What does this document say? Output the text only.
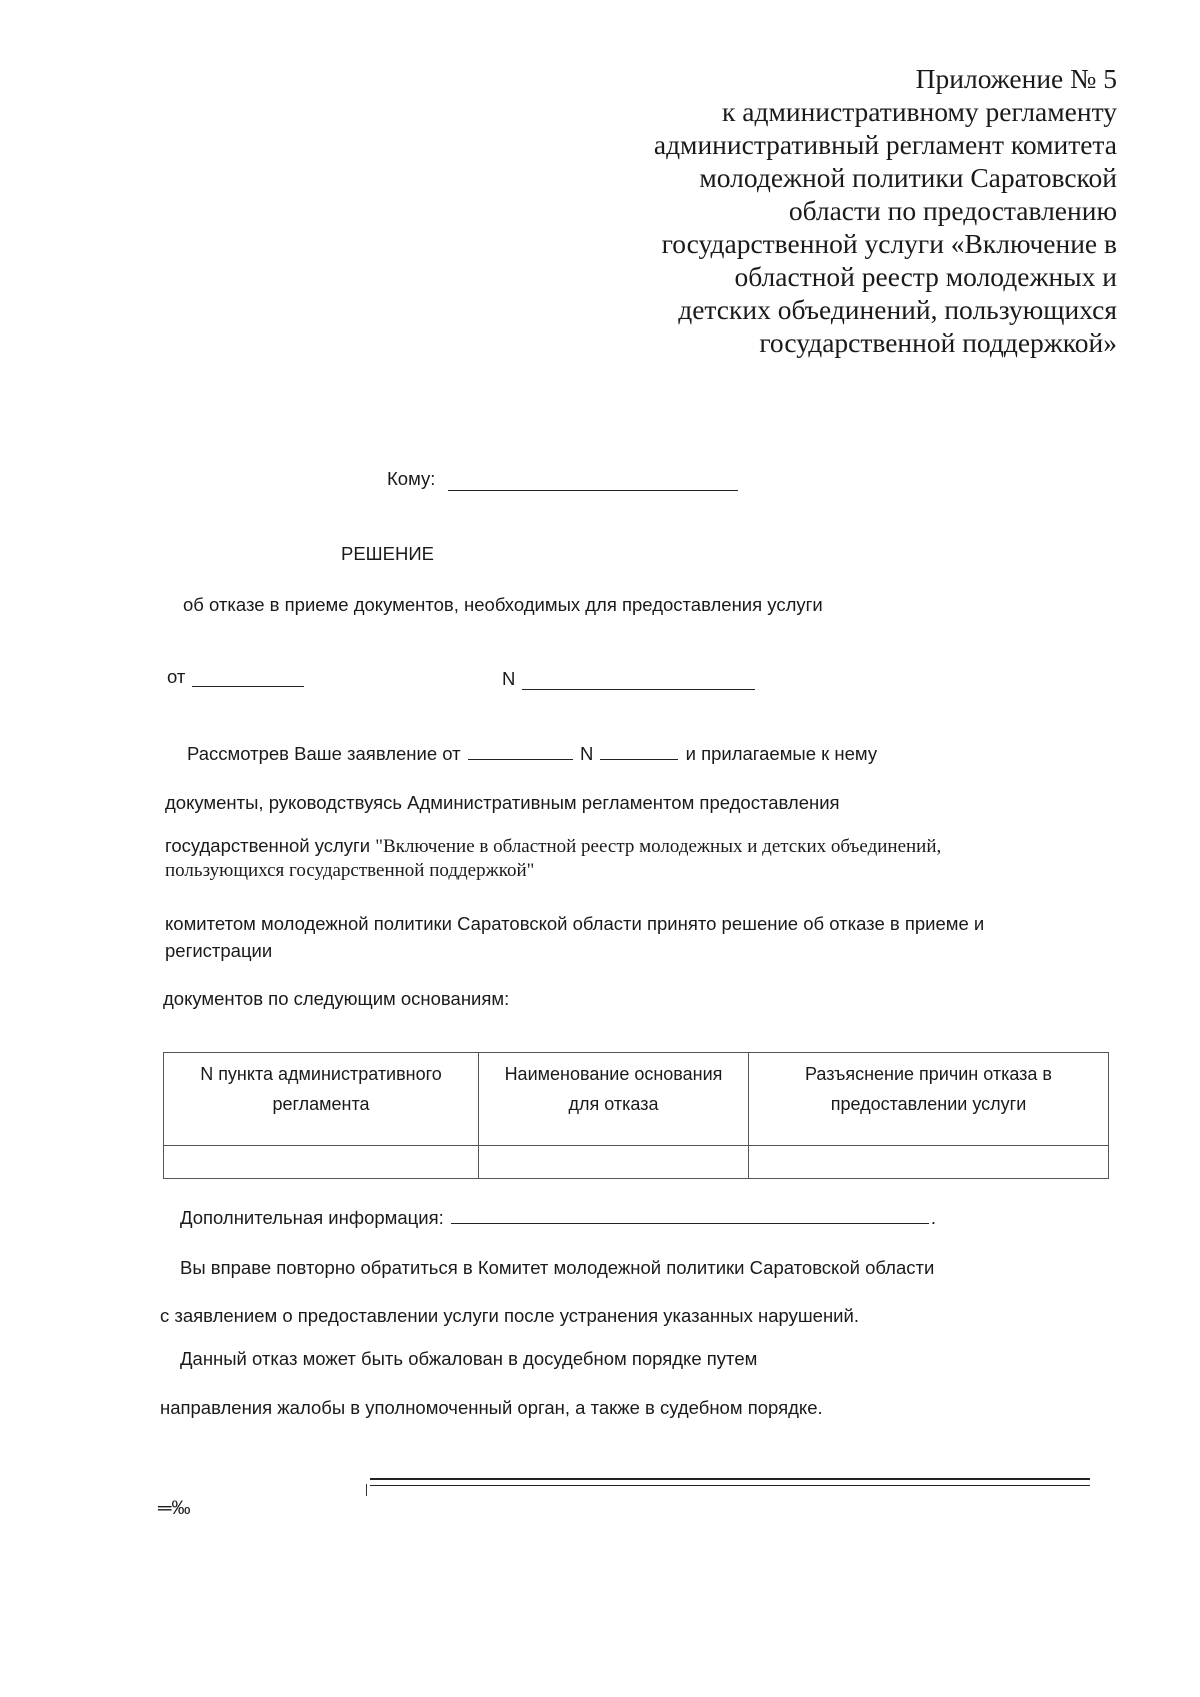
Приложение № 5
к административному регламенту
административный регламент комитета
молодежной политики Саратовской
области по предоставлению
государственной услуги «Включение в
областной реестр молодежных и
детских объединений, пользующихся
государственной поддержкой»
Кому:
РЕШЕНИЕ
об отказе в приеме документов, необходимых для предоставления услуги
от	N
Рассмотрев Ваше заявление от	N	и прилагаемые к нему
документы, руководствуясь Административным регламентом предоставления
государственной услуги "Включение в областной реестр молодежных и детских объединений,
пользующихся государственной поддержкой"
комитетом молодежной политики Саратовской области принято решение об отказе в приеме и
регистрации
документов по следующим основаниям:
N пункта административного регламента	Наименование основания для отказа	Разъяснение причин отказа в предоставлении услуги

Дополнительная информация:	.
Вы вправе повторно обратиться в Комитет молодежной политики Саратовской области
с заявлением о предоставлении услуги после устранения указанных нарушений.
Данный отказ может быть обжалован в досудебном порядке путем
направления жалобы в уполномоченный орган, а также в судебном порядке.
═‰
